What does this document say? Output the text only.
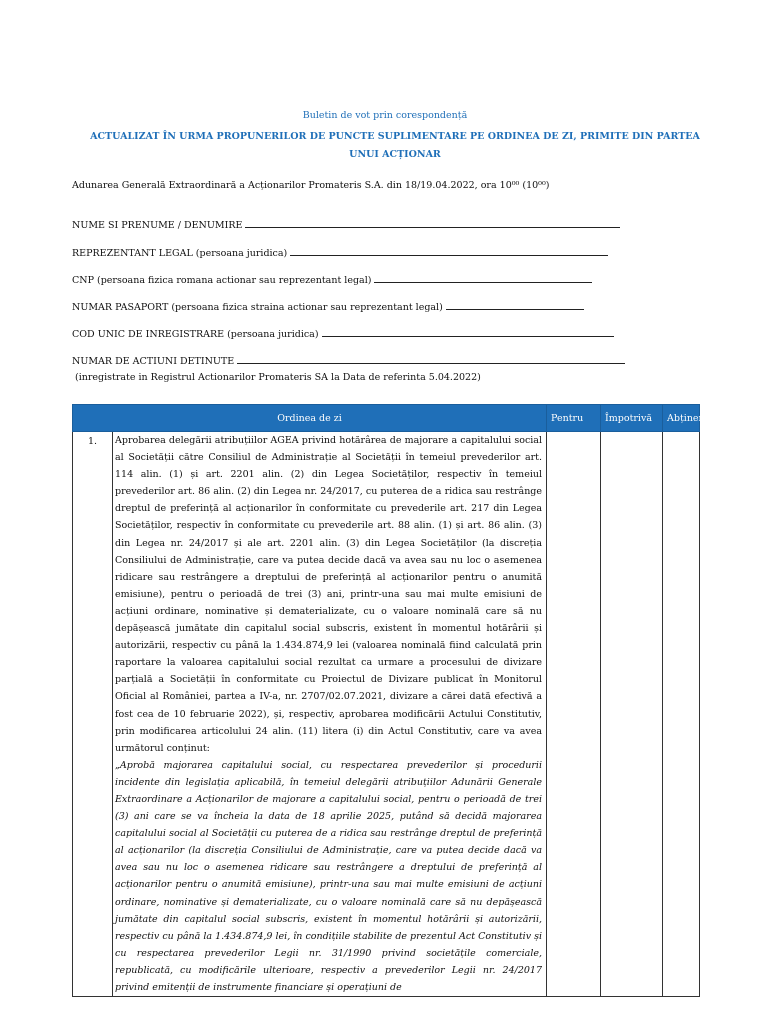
Buletin de vot prin corespondență
ACTUALIZAT ÎN URMA PROPUNERILOR DE PUNCTE SUPLIMENTARE PE ORDINEA DE ZI, PRIMITE DIN PARTEA UNUI ACȚIONAR
Adunarea Generală Extraordinară a Acționarilor Promateris S.A. din 18/19.04.2022, ora 10⁰⁰ (10⁰⁰)
NUME SI PRENUME / DENUMIRE
REPREZENTANT LEGAL (persoana juridica)
CNP (persoana fizica romana actionar sau reprezentant legal)
NUMAR PASAPORT (persoana fizica straina actionar sau reprezentant legal)
COD UNIC DE INREGISTRARE (persoana juridica)
NUMAR DE ACTIUNI DETINUTE
(inregistrate in Registrul Actionarilor Promateris SA la Data de referinta 5.04.2022)
Ordinea de zi		Pentru	Împotrivă	Abținere
1.	Aprobarea delegării atribuțiilor AGEA privind hotărârea de majorare a capitalului social al Societății către Consiliul de Administrație al Societății în temeiul prevederilor art. 114 alin. (1) și art. 2201 alin. (2) din Legea Societăților, respectiv în temeiul prevederilor art. 86 alin. (2) din Legea nr. 24/2017, cu puterea de a ridica sau restrânge dreptul de preferință al acționarilor în conformitate cu prevederile art. 217 din Legea Societăților, respectiv în conformitate cu prevederile art. 88 alin. (1) și art. 86 alin. (3) din Legea nr. 24/2017 și ale art. 2201 alin. (3) din Legea Societăților (la discreția Consiliului de Administrație, care va putea decide dacă va avea sau nu loc o asemenea ridicare sau restrângere a dreptului de preferință al acționarilor pentru o anumită emisiune), pentru o perioadă de trei (3) ani, printr-una sau mai multe emisiuni de acțiuni ordinare, nominative și dematerializate, cu o valoare nominală care să nu depășească jumătate din capitalul social subscris, existent în momentul hotărârii și autorizării, respectiv cu până la 1.434.874,9 lei (valoarea nominală fiind calculată prin raportare la valoarea capitalului social rezultat ca urmare a procesului de divizare parțială a Societății în conformitate cu Proiectul de Divizare publicat în Monitorul Oficial al României, partea a IV-a, nr. 2707/02.07.2021, divizare a cărei dată efectivă a fost cea de 10 februarie 2022), și, respectiv, aprobarea modificării Actului Constitutiv, prin modificarea articolului 24 alin. (11) litera (i) din Actul Constitutiv, care va avea următorul conținut:

„Aprobă majorarea capitalului social, cu respectarea prevederilor și procedurii incidente din legislația aplicabilă, în temeiul delegării atribuțiilor Adunării Generale Extraordinare a Acționarilor de majorare a capitalului social, pentru o perioadă de trei (3) ani care se va încheia la data de 18 aprilie 2025, putând să decidă majorarea capitalului social al Societății cu puterea de a ridica sau restrânge dreptul de preferință al acționarilor (la discreția Consiliului de Administrație, care va putea decide dacă va avea sau nu loc o asemenea ridicare sau restrângere a dreptului de preferință al acționarilor pentru o anumită emisiune), printr-una sau mai multe emisiuni de acțiuni ordinare, nominative și dematerializate, cu o valoare nominală care să nu depășească jumătate din capitalul social subscris, existent în momentul hotărârii și autorizării, respectiv cu până la 1.434.874,9 lei, în condițiile stabilite de prezentul Act Constitutiv și cu respectarea prevederilor Legii nr. 31/1990 privind societățile comerciale, republicată, cu modificările ulterioare, respectiv a prevederilor Legii nr. 24/2017 privind emitenții de instrumente financiare și operațiuni de			
